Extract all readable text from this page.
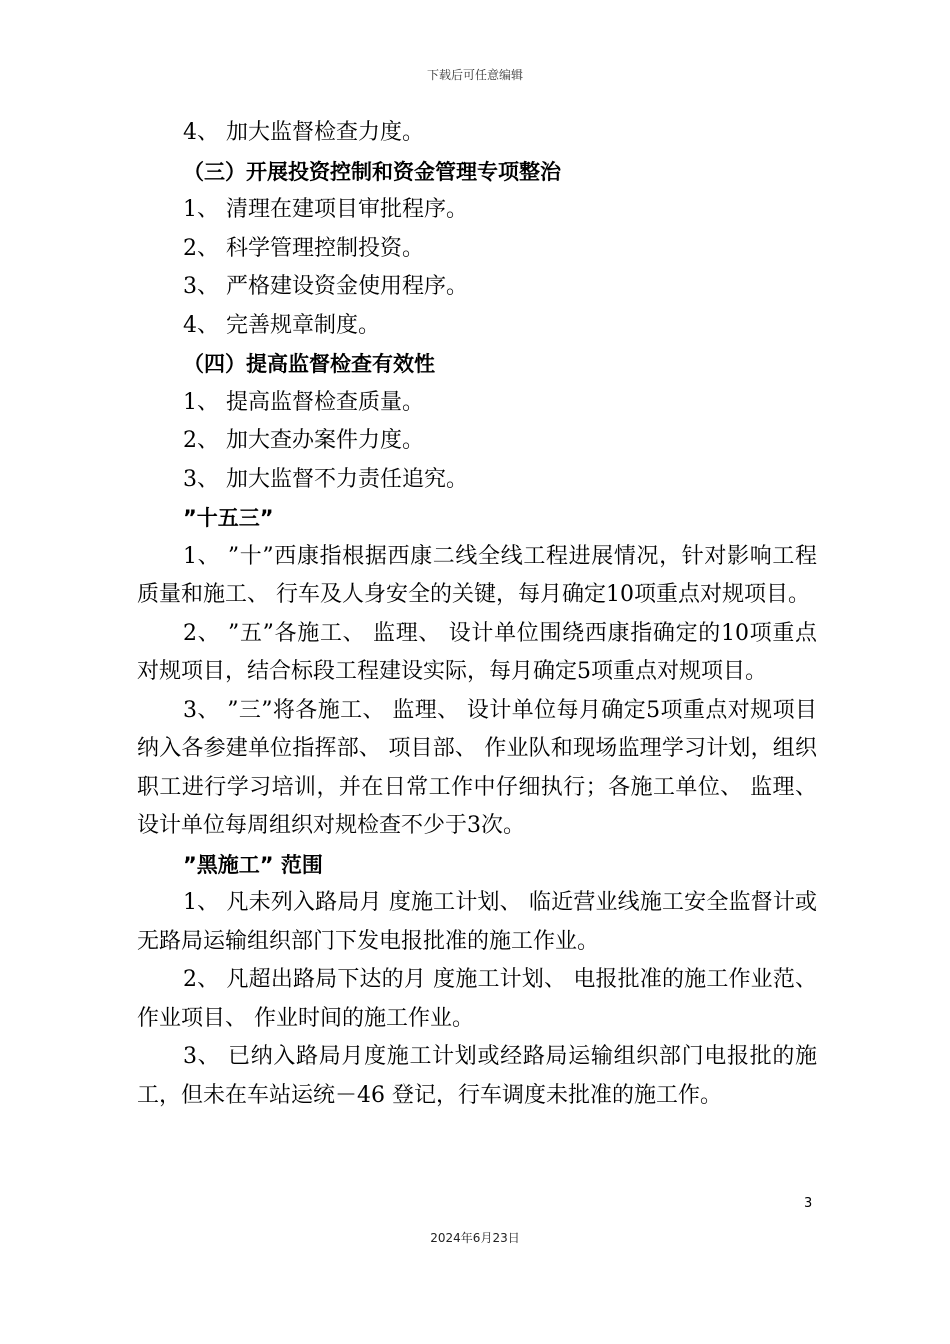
下载后可任意编辑

4、 加大监督检查力度。

（三）开展投资控制和资金管理专项整治

1、 清理在建项目审批程序。

2、 科学管理控制投资。

3、 严格建设资金使用程序。

4、 完善规章制度。

（四）提高监督检查有效性

1、 提高监督检查质量。

2、 加大查办案件力度。

3、 加大监督不力责任追究。

”十五三”

1、 ”十”西康指根据西康二线全线工程进展情况，针对影响工程质量和施工、 行车及人身安全的关键，每月确定10项重点对规项目。

2、 ”五”各施工、 监理、 设计单位围绕西康指确定的10项重点对规项目，结合标段工程建设实际，每月确定5项重点对规项目。

3、 ”三”将各施工、 监理、 设计单位每月确定5项重点对规项目纳入各参建单位指挥部、 项目部、 作业队和现场监理学习计划，组织职工进行学习培训，并在日常工作中仔细执行；各施工单位、 监理、 设计单位每周组织对规检查不少于3次。

”黑施工” 范围

1、 凡未列入路局月 度施工计划、 临近营业线施工安全监督计或无路局运输组织部门下发电报批准的施工作业。

2、 凡超出路局下达的月 度施工计划、 电报批准的施工作业范、 作业项目、 作业时间的施工作业。

3、 已纳入路局月度施工计划或经路局运输组织部门电报批的施工，但未在车站运统－46 登记，行车调度未批准的施工作。

3
2024年6月23日
